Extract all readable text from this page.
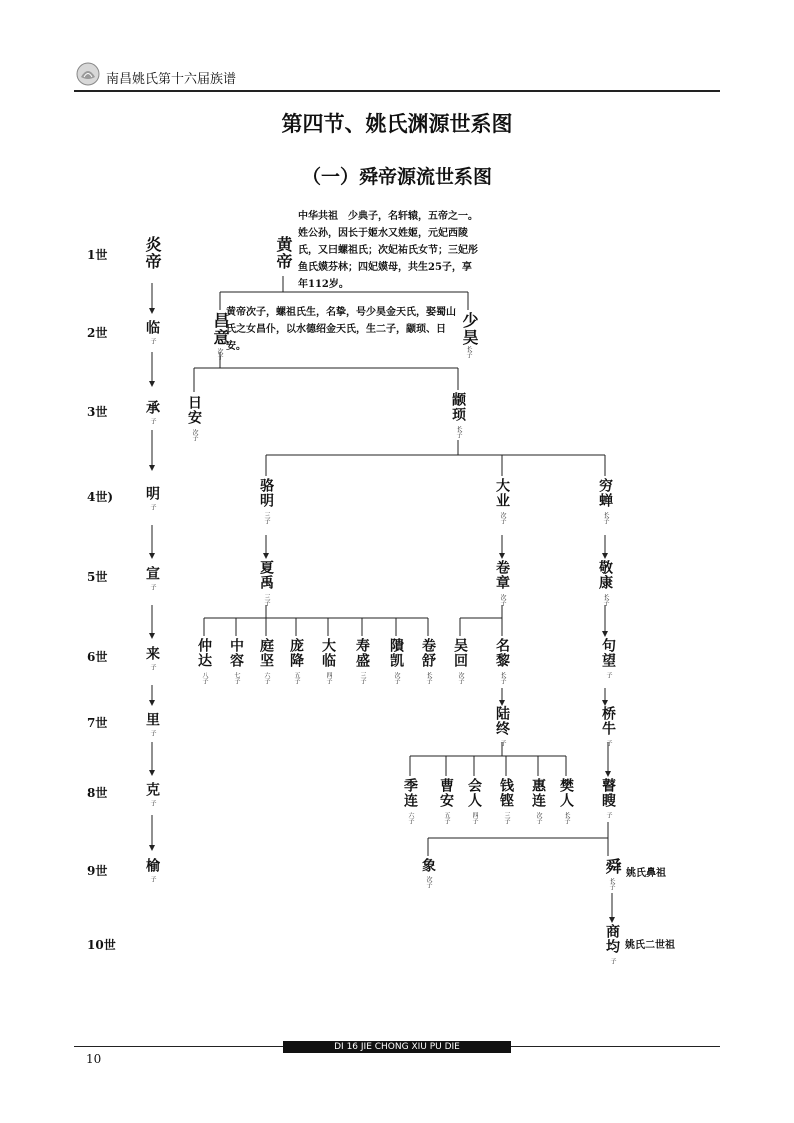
南昌姚氏第十六届族谱
第四节、姚氏渊源世系图
（一）舜帝源流世系图
1世
2世
3世
4世)
5世
6世
7世
8世
9世
10世
炎帝
临
子
承
子
明
子
宣
子
来
子
里
子
克
子
榆
子
黄帝
中华共祖　少典子，名轩辕，五帝之一。姓公孙，因长于姬水又姓姬，元妃西陵氏，又曰螺祖氏；次妃祐氏女节；三妃彤鱼氏嫫芬林；四妃嫫母，共生25子，享年112岁。
昌意
次子
黄帝次子，螺祖氏生，名挚，号少昊金天氏，娶蜀山氏之女昌仆，以水德绍金天氏，生二子，颛顼、日安。
少昊
长子
日安
次子
颛顼
长子
骆明
三子
大业
次子
穷蝉
长子
夏禹
三子
卷章
次子
敬康
长子
仲达
八子
中容
七子
庭坚
六子
庞降
五子
大临
四子
寿盛
三子
隤凯
次子
卷舒
长子
吴回
次子
名黎
长子
句望
子
陆终
子
桥牛
子
季连
六子
曹安
五子
会人
四子
钱铿
三子
惠连
次子
樊人
长子
瞽瞍
子
象
次子
舜
长子
姚氏鼻祖
商均
子
姚氏二世祖
DI 16 JIE CHONG XIU PU DIE
10
